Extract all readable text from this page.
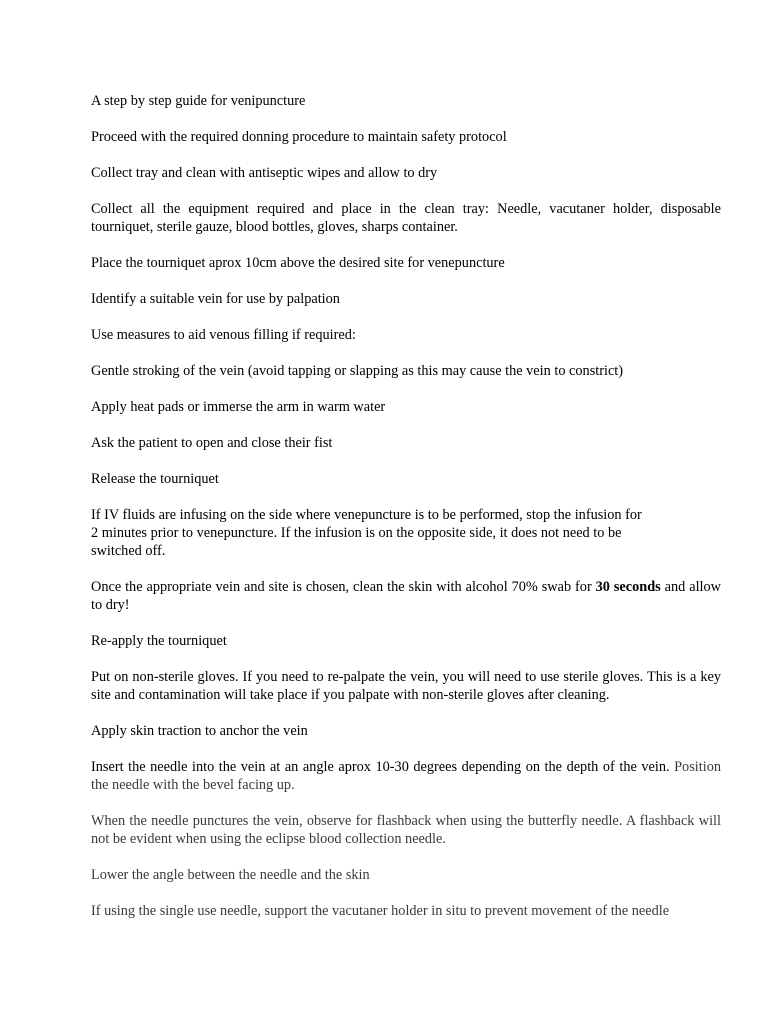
A step by step guide for venipuncture

Proceed with the required donning procedure to maintain safety protocol

Collect tray and clean with antiseptic wipes and allow to dry

Collect all the equipment required and place in the clean tray: Needle, vacutaner holder, disposable tourniquet, sterile gauze, blood bottles, gloves, sharps container.

Place the tourniquet aprox 10cm above the desired site for venepuncture

Identify a suitable vein for use by palpation

Use measures to aid venous filling if required:

Gentle stroking of the vein (avoid tapping or slapping as this may cause the vein to constrict)

Apply heat pads or immerse the arm in warm water

Ask the patient to open and close their fist

Release the tourniquet

If IV fluids are infusing on the side where venepuncture is to be performed, stop the infusion for
2 minutes prior to venepuncture. If the infusion is on the opposite side, it does not need to be
switched off.

Once the appropriate vein and site is chosen, clean the skin with alcohol 70% swab for 30 seconds and allow to dry!

Re-apply the tourniquet

Put on non-sterile gloves. If you need to re-palpate the vein, you will need to use sterile gloves. This is a key site and contamination will take place if you palpate with non-sterile gloves after cleaning.

Apply skin traction to anchor the vein

Insert the needle into the vein at an angle aprox 10-30 degrees depending on the depth of the vein. Position the needle with the bevel facing up.

When the needle punctures the vein, observe for flashback when using the butterfly needle. A flashback will not be evident when using the eclipse blood collection needle.

Lower the angle between the needle and the skin

If using the single use needle, support the vacutaner holder in situ to prevent movement of the needle
